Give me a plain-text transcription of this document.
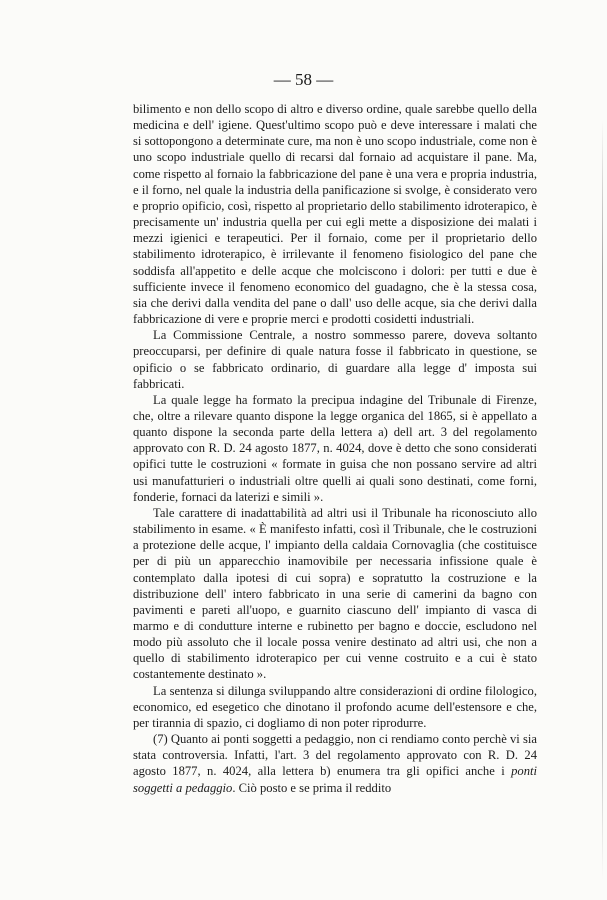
— 58 —

bilimento e non dello scopo di altro e diverso ordine, quale sarebbe quello della medicina e dell' igiene. Quest'ultimo scopo può e deve interessare i malati che si sottopongono a determinate cure, ma non è uno scopo industriale, come non è uno scopo industriale quello di recarsi dal fornaio ad acquistare il pane. Ma, come rispetto al fornaio la fabbricazione del pane è una vera e propria industria, e il forno, nel quale la industria della panificazione si svolge, è considerato vero e proprio opificio, così, rispetto al proprietario dello stabilimento idroterapico, è precisamente un' industria quella per cui egli mette a disposizione dei malati i mezzi igienici e terapeutici. Per il fornaio, come per il proprietario dello stabilimento idroterapico, è irrilevante il fenomeno fisiologico del pane che soddisfa all'appetito e delle acque che molciscono i dolori: per tutti e due è sufficiente invece il fenomeno economico del guadagno, che è la stessa cosa, sia che derivi dalla vendita del pane o dall' uso delle acque, sia che derivi dalla fabbricazione di vere e proprie merci e prodotti cosidetti industriali.

La Commissione Centrale, a nostro sommesso parere, doveva soltanto preoccuparsi, per definire di quale natura fosse il fabbricato in questione, se opificio o se fabbricato ordinario, di guardare alla legge d' imposta sui fabbricati.

La quale legge ha formato la precipua indagine del Tribunale di Firenze, che, oltre a rilevare quanto dispone la legge organica del 1865, si è appellato a quanto dispone la seconda parte della lettera a) dell art. 3 del regolamento approvato con R. D. 24 agosto 1877, n. 4024, dove è detto che sono considerati opifici tutte le costruzioni « formate in guisa che non possano servire ad altri usi manufatturieri o industriali oltre quelli ai quali sono destinati, come forni, fonderie, fornaci da laterizi e simili ».

Tale carattere di inadattabilità ad altri usi il Tribunale ha riconosciuto allo stabilimento in esame. « È manifesto infatti, così il Tribunale, che le costruzioni a protezione delle acque, l' impianto della caldaia Cornovaglia (che costituisce per di più un apparecchio inamovibile per necessaria infissione quale è contemplato dalla ipotesi di cui sopra) e sopratutto la costruzione e la distribuzione dell' intero fabbricato in una serie di camerini da bagno con pavimenti e pareti all'uopo, e guarnito ciascuno dell' impianto di vasca di marmo e di condutture interne e rubinetto per bagno e doccie, escludono nel modo più assoluto che il locale possa venire destinato ad altri usi, che non a quello di stabilimento idroterapico per cui venne costruito e a cui è stato costantemente destinato ».

La sentenza si dilunga sviluppando altre considerazioni di ordine filologico, economico, ed esegetico che dinotano il profondo acume dell'estensore e che, per tirannia di spazio, ci dogliamo di non poter riprodurre.

(7) Quanto ai ponti soggetti a pedaggio, non ci rendiamo conto perchè vi sia stata controversia. Infatti, l'art. 3 del regolamento approvato con R. D. 24 agosto 1877, n. 4024, alla lettera b) enumera tra gli opifici anche i ponti soggetti a pedaggio. Ciò posto e se prima il reddito
